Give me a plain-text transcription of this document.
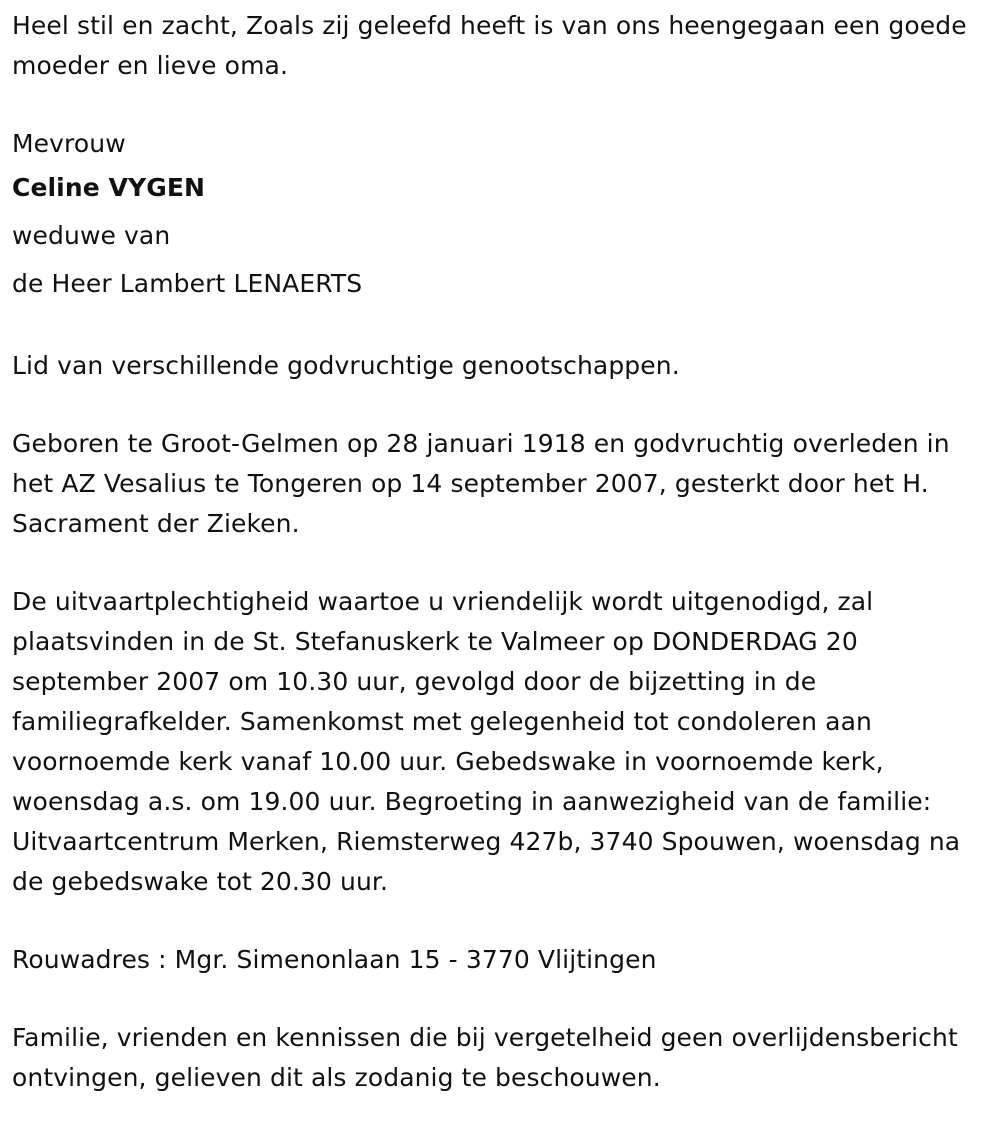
Heel stil en zacht, Zoals zij geleefd heeft is van ons heengegaan een goede moeder en lieve oma.

Mevrouw

Celine VYGEN

weduwe van

de Heer Lambert LENAERTS

Lid van verschillende godvruchtige genootschappen.

Geboren te Groot-Gelmen op 28 januari 1918 en godvruchtig overleden in het AZ Vesalius te Tongeren op 14 september 2007, gesterkt door het H. Sacrament der Zieken.

De uitvaartplechtigheid waartoe u vriendelijk wordt uitgenodigd, zal plaatsvinden in de St. Stefanuskerk te Valmeer op DONDERDAG 20 september 2007 om 10.30 uur, gevolgd door de bijzetting in de familiegrafkelder. Samenkomst met gelegenheid tot condoleren aan voornoemde kerk vanaf 10.00 uur. Gebedswake in voornoemde kerk, woensdag a.s. om 19.00 uur. Begroeting in aanwezigheid van de familie: Uitvaartcentrum Merken, Riemsterweg 427b, 3740 Spouwen, woensdag na de gebedswake tot 20.30 uur.

Rouwadres : Mgr. Simenonlaan 15 - 3770 Vlijtingen

Familie, vrienden en kennissen die bij vergetelheid geen overlijdensbericht ontvingen, gelieven dit als zodanig te beschouwen.
